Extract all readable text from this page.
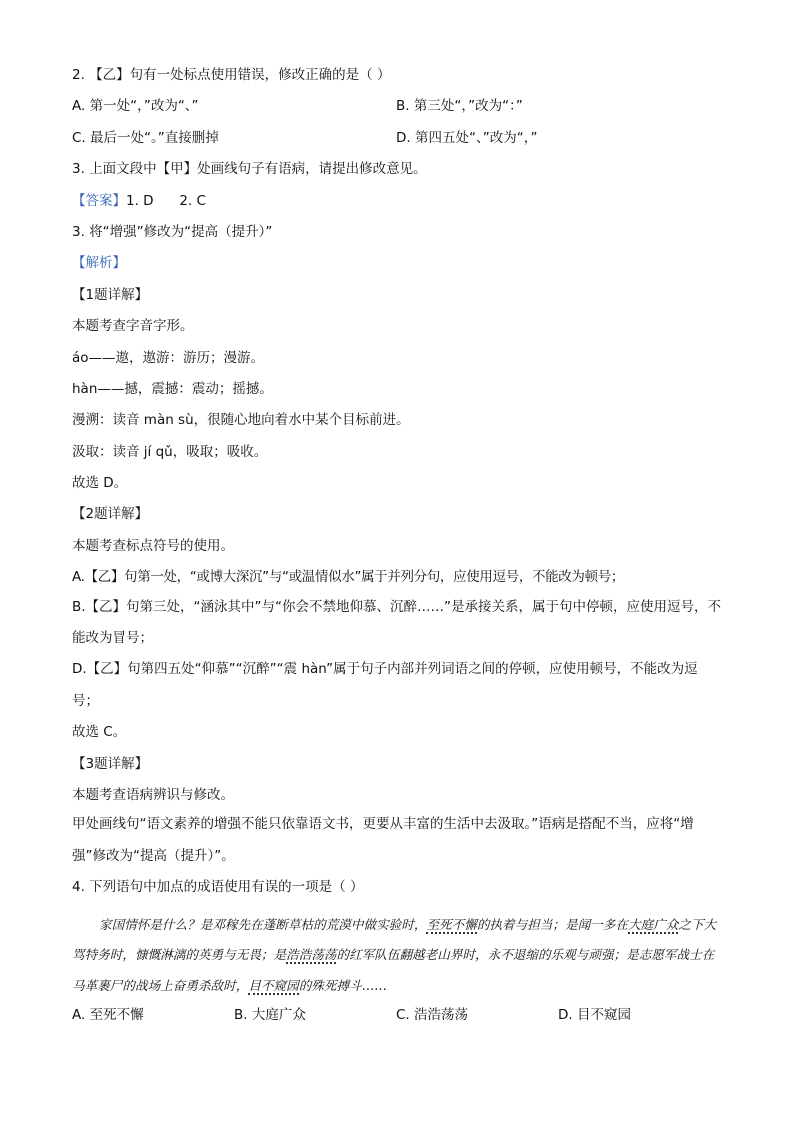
2. 【乙】句有一处标点使用错误，修改正确的是（ ）
A. 第一处“，”改为“、”	B. 第三处“，”改为“：”
C. 最后一处“。”直接删掉	D. 第四五处“、”改为“，”
3. 上面文段中【甲】处画线句子有语病，请提出修改意见。
【答案】1. D      2. C
3. 将“增强”修改为“提高（提升）”
【解析】
【1题详解】
本题考查字音字形。
áo——遨，遨游：游历；漫游。
hàn——撼，震撼：震动；摇撼。
漫溯：读音 màn sù，很随心地向着水中某个目标前进。
汲取：读音 jí qǔ，吸取；吸收。
故选 D。
【2题详解】
本题考查标点符号的使用。
A.【乙】句第一处，“或博大深沉”与“或温情似水”属于并列分句，应使用逗号，不能改为顿号；
B.【乙】句第三处，“涵泳其中”与“你会不禁地仰慕、沉醉……”是承接关系，属于句中停顿，应使用逗号，不能改为冒号；
D.【乙】句第四五处“仰慕”“沉醉”“震 hàn”属于句子内部并列词语之间的停顿，应使用顿号，不能改为逗号；
故选 C。
【3题详解】
本题考查语病辨识与修改。
甲处画线句“语文素养的增强不能只依靠语文书，更要从丰富的生活中去汲取。”语病是搭配不当，应将“增强”修改为“提高（提升）”。
4. 下列语句中加点的成语使用有误的一项是（ ）
家国情怀是什么？是邓稼先在蓬断草枯的荒漠中做实验时，至死不懈的执着与担当；是闻一多在大庭广众之下大骂特务时，慷慨淋漓的英勇与无畏；是浩浩荡荡的红军队伍翻越老山界时，永不退缩的乐观与顽强；是志愿军战士在马革裹尸的战场上奋勇杀敌时，目不窥园的殊死搏斗……
A. 至死不懈	B. 大庭广众	C. 浩浩荡荡	D. 目不窥园
